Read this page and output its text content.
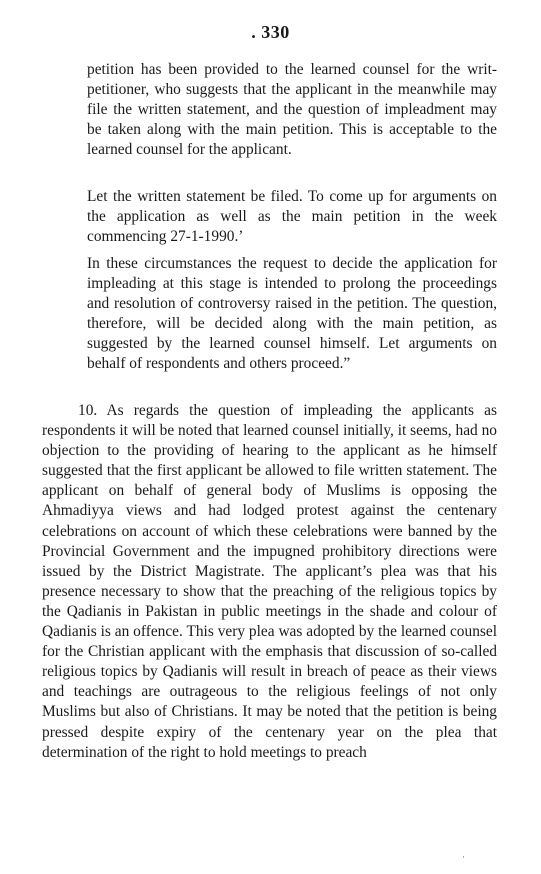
. 330

petition has been provided to the learned counsel for the writ-petitioner, who suggests that the applicant in the meanwhile may file the written statement, and the question of impleadment may be taken along with the main petition. This is acceptable to the learned counsel for the applicant.

Let the written statement be filed. To come up for arguments on the application as well as the main petition in the week commencing 27-1-1990.’

In these circumstances the request to decide the application for impleading at this stage is intended to prolong the proceedings and resolution of controversy raised in the petition. The question, therefore, will be decided along with the main petition, as suggested by the learned counsel himself. Let arguments on behalf of respondents and others proceed.”

10. As regards the question of impleading the applicants as respondents it will be noted that learned counsel initially, it seems, had no objection to the providing of hearing to the applicant as he himself suggested that the first applicant be allowed to file written statement. The applicant on behalf of general body of Muslims is opposing the Ahmadiyya views and had lodged protest against the centenary celebrations on account of which these celebrations were banned by the Provincial Government and the impugned prohibitory directions were issued by the District Magistrate. The applicant’s plea was that his presence necessary to show that the preaching of the religious topics by the Qadianis in Pakistan in public meetings in the shade and colour of Qadianis is an offence. This very plea was adopted by the learned counsel for the Christian applicant with the emphasis that discussion of so-called religious topics by Qadianis will result in breach of peace as their views and teachings are outrageous to the religious feelings of not only Muslims but also of Christians. It may be noted that the petition is being pressed despite expiry of the centenary year on the plea that determination of the right to hold meetings to preach

·
